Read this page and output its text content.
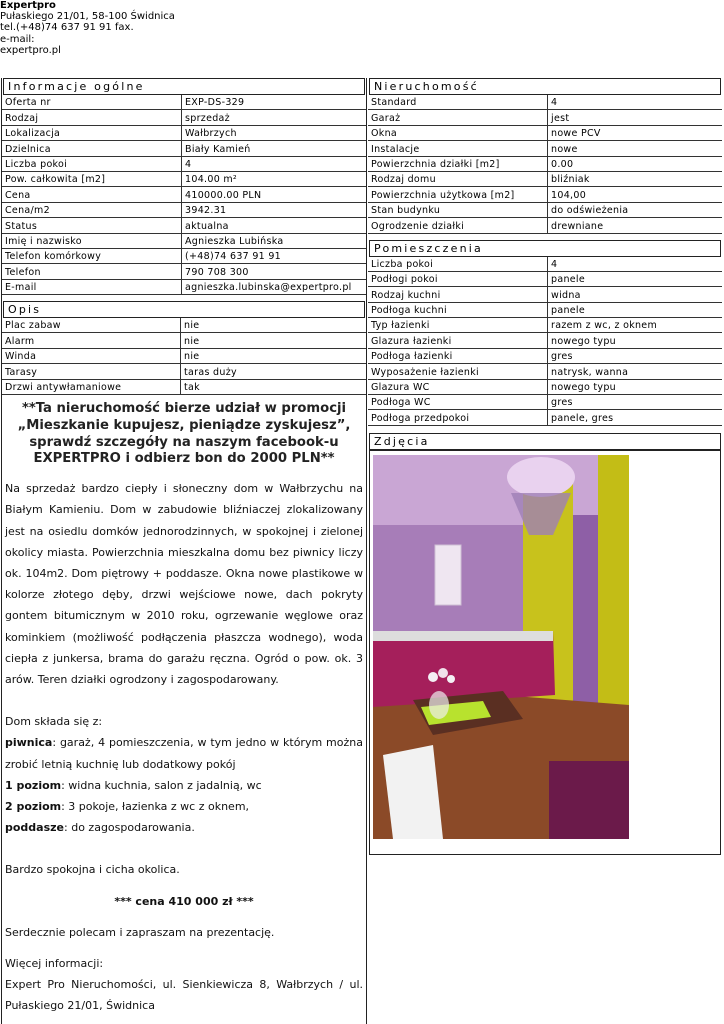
Expertpro
Pułaskiego 21/01, 58-100 Świdnica
tel.(+48)74 637 91 91 fax.
e-mail:
expertpro.pl
Informacje ogólne
Oferta nr	EXP-DS-329
Rodzaj	sprzedaż
Lokalizacja	Wałbrzych
Dzielnica	Biały Kamień
Liczba pokoi	4
Pow. całkowita [m2]	104.00 m²
Cena	410000.00 PLN
Cena/m2	3942.31
Status	aktualna
Imię i nazwisko	Agnieszka Lubińska
Telefon komórkowy	(+48)74 637 91 91
Telefon	790 708 300
E-mail	agnieszka.lubinska@expertpro.pl
Opis
Plac zabaw	nie
Alarm	nie
Winda	nie
Tarasy	taras duży
Drzwi antywłamaniowe	tak
**Ta nieruchomość bierze udział w promocji „Mieszkanie kupujesz, pieniądze zyskujesz”, sprawdź szczegóły na naszym facebook-u EXPERTPRO i odbierz bon do 2000 PLN**

Na sprzedaż bardzo ciepły i słoneczny dom w Wałbrzychu na Białym Kamieniu. Dom w zabudowie bliźniaczej zlokalizowany jest na osiedlu domków jednorodzinnych, w spokojnej i zielonej okolicy miasta. Powierzchnia mieszkalna domu bez piwnicy liczy ok. 104m2. Dom piętrowy + poddasze. Okna nowe plastikowe w kolorze złotego dęby, drzwi wejściowe nowe, dach pokryty gontem bitumicznym w 2010 roku, ogrzewanie węglowe oraz kominkiem (możliwość podłączenia płaszcza wodnego), woda ciepła z junkersa, brama do garażu ręczna. Ogród o pow. ok. 3 arów. Teren działki ogrodzony i zagospodarowany.

Dom składa się z:

piwnica: garaż, 4 pomieszczenia, w tym jedno w którym można zrobić letnią kuchnię lub dodatkowy pokój

1 poziom: widna kuchnia, salon z jadalnią, wc

2 poziom: 3 pokoje, łazienka z wc z oknem,

poddasze: do zagospodarowania.

Bardzo spokojna i cicha okolica.

*** cena 410 000 zł ***

Serdecznie polecam i zapraszam na prezentację.

Więcej informacji:

Expert Pro Nieruchomości, ul. Sienkiewicza 8, Wałbrzych / ul. Pułaskiego 21/01, Świdnica

Nieruchomość
Standard	4
Garaż	jest
Okna	nowe PCV
Instalacje	nowe
Powierzchnia działki [m2]	0.00
Rodzaj domu	bliźniak
Powierzchnia użytkowa [m2]	104,00
Stan budynku	do odświeżenia
Ogrodzenie działki	drewniane
Pomieszczenia
Liczba pokoi	4
Podłogi pokoi	panele
Rodzaj kuchni	widna
Podłoga kuchni	panele
Typ łazienki	razem z wc, z oknem
Glazura łazienki	nowego typu
Podłoga łazienki	gres
Wyposażenie łazienki	natrysk, wanna
Glazura WC	nowego typu
Podłoga WC	gres
Podłoga przedpokoi	panele, gres
Zdjęcia
